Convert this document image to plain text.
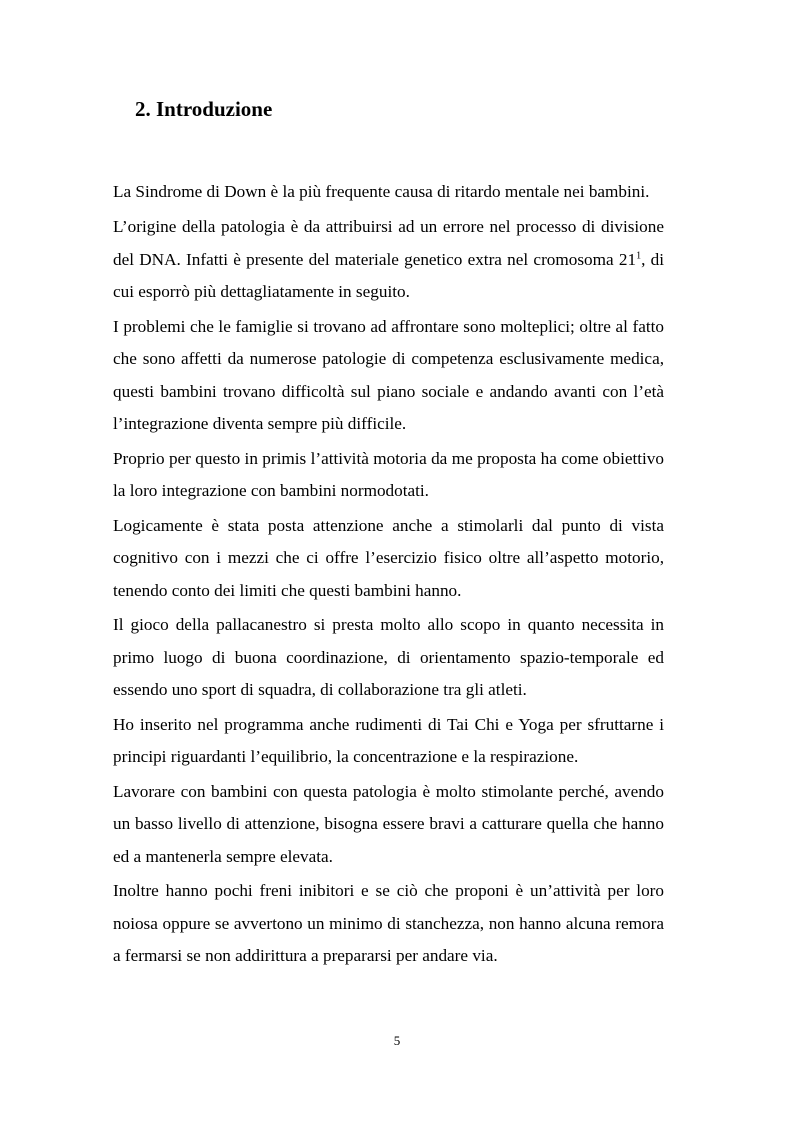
2. Introduzione

La Sindrome di Down è la più frequente causa di ritardo mentale nei bambini.

L’origine della patologia è da attribuirsi ad un errore nel processo di divisione del DNA. Infatti è presente del materiale genetico extra nel cromosoma 21$^1$, di cui esporrò più dettagliatamente in seguito.

I problemi che le famiglie si trovano ad affrontare sono molteplici; oltre al fatto che sono affetti da numerose patologie di competenza esclusivamente medica, questi bambini trovano difficoltà sul piano sociale e andando avanti con l’età l’integrazione diventa sempre più difficile.

Proprio per questo in primis l’attività motoria da me proposta ha come obiettivo la loro integrazione con bambini normodotati.

Logicamente è stata posta attenzione anche a stimolarli dal punto di vista cognitivo con i mezzi che ci offre l’esercizio fisico oltre all’aspetto motorio, tenendo conto dei limiti che questi bambini hanno.

Il gioco della pallacanestro si presta molto allo scopo in quanto necessita in primo luogo di buona coordinazione, di orientamento spazio-temporale ed essendo uno sport di squadra, di collaborazione tra gli atleti.

Ho inserito nel programma anche rudimenti di Tai Chi e Yoga per sfruttarne i principi riguardanti l’equilibrio, la concentrazione e la respirazione.

Lavorare con bambini con questa patologia è molto stimolante perché, avendo un basso livello di attenzione, bisogna essere bravi a catturare quella che hanno ed a mantenerla sempre elevata.

Inoltre hanno pochi freni inibitori e se ciò che proponi è un’attività per loro noiosa oppure se avvertono un minimo di stanchezza, non hanno alcuna remora a fermarsi se non addirittura a prepararsi per andare via.

5
